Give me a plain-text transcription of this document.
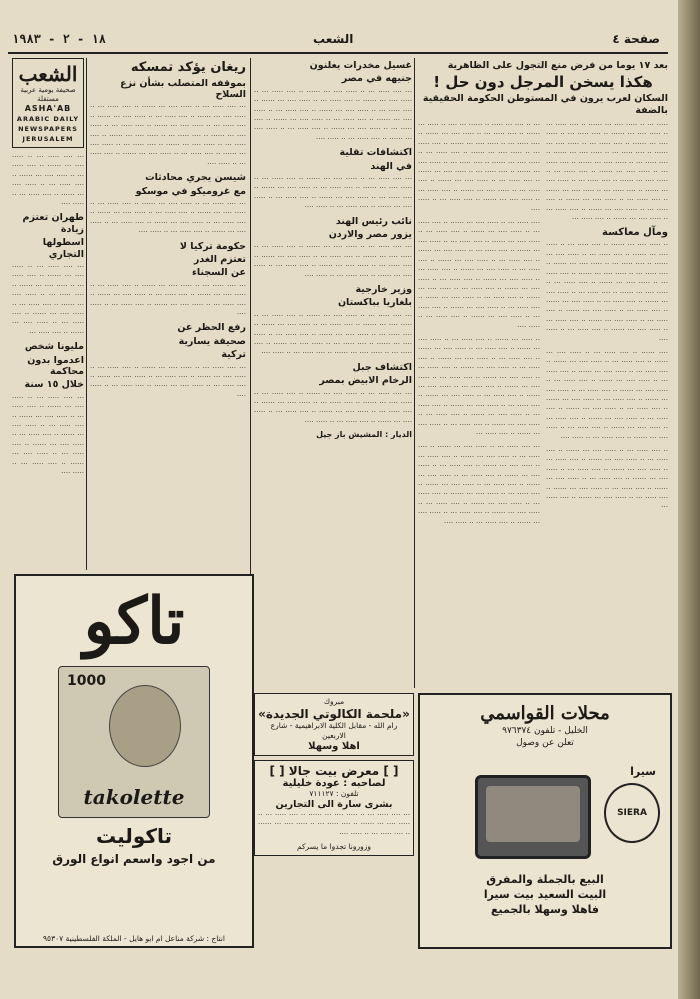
صفحة ٤
الشعب
١٨ - ٢ - ١٩٨٣
بعد ١٧ يوما من فرض منع التجول على الظاهرية
هكذا يسخن المرجل دون حل !
السكان لعرب يرون في المستوطن الحكومة الحقيقية بالضفة

··· ·· ···· ··· ····· ·· ······ ··· ···· ·· ····· ··· ······ ·· ···· ····· ··· ·· ····· ···· ··· ······ ·· ···· ····· ··· ·· ····· ···· ··· ······ ·· ···· ····· ··· ·· ····· ···· ··· ······ ·· ···· ····· ··· ·· ····· ···· ··· ······ ·· ···· ····· ··· ·· ····· ···· ··· ······ ·· ···· ····· ··· ·· ····· ···· ··· ······ ·· ···· ····· ··· ·· ····· ···· ··· ······ ·· ···· ····· ··· ·· ····· ···· ··· ······ ·· ···· ····· ··· ·· ····· ···· ··· ······ ·· ···· ····· ··· ·· ····· ····

···· ····· ··· ·· ····· ···· ··· ······ ·· ···· ····· ··· ·· ····· ···· ··· ······ ·· ···· ····· ··· ·· ····· ···· ··· ······ ·· ···· ····· ··· ·· ····· ···· ··· ······ ·· ···· ····· ··· ·· ····· ···· ··· ······ ·· ···· ····· ··· ·· ····· ···· ··· ······ ·· ···· ····· ··· ·· ····· ···· ··· ······ ·· ···· ····· ··· ·· ····· ···· ··· ······ ·· ···· ····· ··· ·· ····· ···· ··· ······ ·· ···· ····· ··· ·· ····· ···· ··· ······ ·· ···· ····· ··· ·· ····· ···· ··· ······ ·· ···· ····· ··· ·· ····· ···· ··· ······ ·· ···· ····· ··· ·· ····· ···· ··· ······ ·· ···· ····· ··· ·· ····· ····

·· ····· ··· ······ ·· ···· ····· ··· ·· ····· ···· ··· ······ ·· ···· ····· ··· ·· ····· ···· ··· ······ ·· ···· ····· ··· ·· ····· ···· ··· ······ ·· ···· ····· ··· ·· ····· ···· ··· ······ ·· ···· ····· ··· ·· ····· ···· ··· ······ ·· ···· ····· ··· ·· ····· ···· ··· ······ ·· ···· ····· ··· ·· ····· ···· ··· ······ ·· ···· ····· ··· ·· ····· ···· ··· ······ ·· ···· ····· ··· ·· ····· ···· ··· ······ ·· ···· ····· ··· ·· ····· ···· ··· ······ ·· ···· ····· ··· ·· ····· ···· ··· ······ ·· ···· ····· ··· ·· ····· ···· ··· ······ ·· ···· ····· ···

··· ···· ····· ··· ·· ····· ···· ··· ······ ·· ···· ····· ··· ·· ····· ···· ··· ······ ·· ···· ····· ··· ·· ····· ···· ··· ······ ·· ···· ····· ··· ·· ····· ···· ··· ······ ·· ···· ····· ··· ·· ····· ···· ··· ······ ·· ···· ····· ··· ·· ····· ···· ··· ······ ·· ···· ····· ··· ·· ····· ···· ··· ······ ·· ···· ····· ··· ·· ····· ···· ··· ······ ·· ···· ····· ··· ·· ····· ···· ··· ······ ·· ···· ····· ··· ·· ····· ···· ··· ······ ·· ···· ····· ··· ·· ····· ····

····· ··· ·· ····· ···· ··· ······ ·· ···· ····· ··· ·· ····· ···· ··· ······ ·· ···· ····· ··· ·· ····· ···· ··· ······ ·· ···· ····· ··· ·· ····· ···· ··· ······ ·· ···· ····· ··· ·· ····· ···· ··· ······ ·· ···· ····· ··· ·· ····· ···· ··· ······ ·· ···· ····· ··· ·· ····· ···· ··· ······ ·· ···· ····· ··· ·· ····· ···· ··· ······ ·· ···· ····· ··· ·· ····· ···· ··· ······ ·· ···· ····· ··· ·· ····· ···· ··· ······ ·· ···· ····· ··· ·· ····· ···· ··· ······ ·· ···· ····· ··· ·· ····· ···· ··· ······ ·· ···· ····· ··· ·· ····· ···· ··· ······ ·· ···· ····· ···

ومآل معاكسة

·· ····· ···· ··· ······ ·· ···· ····· ··· ·· ····· ···· ··· ······ ·· ···· ····· ··· ·· ····· ···· ··· ······ ·· ···· ····· ··· ·· ····· ···· ··· ······ ·· ···· ····· ··· ·· ····· ···· ··· ······ ·· ···· ····· ··· ·· ····· ···· ··· ······ ·· ···· ····· ··· ·· ····· ···· ··· ······ ·· ···· ····· ··· ·· ····· ···· ··· ······ ·· ···· ····· ··· ·· ····· ···· ··· ······ ·· ···· ····· ··· ·· ····· ···· ··· ······ ·· ···· ····· ··· ·· ····· ···· ··· ······ ·· ···· ····· ··· ·· ····· ···· ··· ······ ·· ···· ····· ··· ·· ····· ····

···· ······ ·· ···· ····· ··· ·· ····· ···· ··· ······ ·· ···· ····· ··· ·· ····· ···· ··· ······ ·· ···· ····· ··· ·· ····· ···· ··· ······ ·· ···· ····· ··· ·· ····· ···· ··· ······ ·· ···· ····· ··· ·· ····· ···· ··· ······ ·· ···· ····· ··· ·· ····· ···· ··· ······ ·· ···· ····· ··· ·· ····· ···· ··· ······ ·· ···· ····· ··· ·· ····· ···· ··· ······ ·· ···· ····· ··· ·· ····· ···· ··· ······ ·· ···· ····· ··· ·· ····· ···· ··· ······ ·· ···· ····· ··· ·· ····· ···· ··· ······ ·· ···· ····· ··· ·· ····· ····

·· ···· ····· ··· ·· ····· ···· ··· ······ ·· ···· ····· ··· ·· ····· ···· ··· ······ ·· ···· ····· ··· ·· ····· ···· ··· ······ ·· ···· ····· ··· ·· ····· ···· ··· ······ ·· ···· ····· ··· ·· ····· ···· ··· ······ ·· ···· ····· ··· ·· ····· ···· ··· ······ ·· ···· ····· ··· ·· ····· ···· ··· ······ ·· ···· ····· ···

غسيل مخدرات يعلنون
جنيهه في مصر

··· ···· ····· ··· ·· ····· ···· ··· ······ ·· ···· ····· ··· ·· ····· ···· ··· ······ ·· ···· ····· ··· ·· ····· ···· ··· ······ ·· ···· ····· ··· ·· ····· ···· ··· ······ ·· ···· ····· ··· ·· ····· ···· ··· ······ ·· ···· ····· ··· ·· ····· ···· ··· ······ ·· ···· ····· ··· ·· ····· ···· ··· ······ ·· ···· ····· ··· ·· ····· ···· ··· ······ ·· ···· ····· ··· ·· ····· ····

اكتشافات تقلية
في الهند

··· ···· ····· ··· ·· ····· ···· ··· ······ ·· ···· ····· ··· ·· ····· ···· ··· ······ ·· ···· ····· ··· ·· ····· ···· ··· ······ ·· ···· ····· ··· ·· ····· ···· ··· ······ ·· ···· ····· ··· ·· ····· ···· ··· ······ ·· ···· ····· ··· ·· ····· ····

نائب رئيس الهند
يزور مصر والاردن

··· ···· ····· ··· ·· ····· ···· ··· ······ ·· ···· ····· ··· ·· ····· ···· ··· ······ ·· ···· ····· ··· ·· ····· ···· ··· ······ ·· ···· ····· ··· ·· ····· ···· ··· ······ ·· ···· ····· ··· ·· ····· ···· ··· ······ ·· ···· ····· ··· ·· ····· ····

وزير خارجية
بلغاريا بباكستان

··· ···· ····· ··· ·· ····· ···· ··· ······ ·· ···· ····· ··· ·· ····· ···· ··· ······ ·· ···· ····· ··· ·· ····· ···· ··· ······ ·· ···· ····· ··· ·· ····· ···· ··· ······ ·· ···· ····· ··· ·· ····· ···· ··· ······ ·· ···· ····· ··· ·· ····· ···· ··· ······ ·· ···· ····· ··· ·· ····· ···· ··· ······ ·· ···· ····· ··· ·· ····· ····

اكتشاف جبل
الرخام الابيض بمصر

··· ···· ····· ··· ·· ····· ···· ··· ······ ·· ···· ····· ··· ·· ····· ···· ··· ······ ·· ···· ····· ··· ·· ····· ···· ··· ······ ·· ···· ····· ··· ·· ····· ···· ··· ······ ·· ···· ····· ··· ·· ····· ···· ··· ······ ·· ···· ····· ··· ·· ····· ····

الديار : المشيش باز جيل
ريغان يؤكد تمسكه
بموقفه المتصلب بشأن نزع السلاح

··· ···· ····· ··· ·· ····· ···· ··· ······ ·· ···· ····· ··· ·· ····· ···· ··· ······ ·· ···· ····· ··· ·· ····· ···· ··· ······ ·· ···· ····· ··· ·· ····· ···· ··· ······ ·· ···· ····· ··· ·· ····· ···· ··· ······ ·· ···· ····· ··· ·· ····· ···· ··· ······ ·· ···· ····· ··· ·· ····· ···· ··· ······ ·· ···· ····· ··· ·· ····· ···· ··· ······ ·· ···· ····· ··· ·· ····· ···· ··· ······ ·· ···· ····· ··· ·· ····· ····

شيسن يجري محادثات
مع غروميكو في موسكو

··· ···· ····· ··· ·· ····· ···· ··· ······ ·· ···· ····· ··· ·· ····· ···· ··· ······ ·· ···· ····· ··· ·· ····· ···· ··· ······ ·· ···· ····· ··· ·· ····· ···· ··· ······ ·· ···· ····· ··· ·· ····· ···· ··· ······ ·· ···· ····· ··· ·· ····· ····

حكومة تركيا لا
تعتزم الغدر
عن السجناء

··· ···· ····· ··· ·· ····· ···· ··· ······ ·· ···· ····· ··· ·· ····· ···· ··· ······ ·· ···· ····· ··· ·· ····· ···· ··· ······ ·· ···· ····· ··· ·· ····· ···· ··· ······ ·· ···· ····· ··· ·· ····· ····

رفع الحظر عن
صحيفة يسارية
تركية

··· ···· ····· ··· ·· ····· ···· ··· ······ ·· ···· ····· ··· ·· ····· ···· ··· ······ ·· ···· ····· ··· ·· ····· ···· ··· ······ ·· ···· ····· ··· ·· ····· ···· ··· ······ ·· ···· ····· ··· ·· ····· ····

الشعب
صحيفة يومية عربية مستقلة
ASHA'AB
ARABIC DAILY
NEWSPAPERS
JERUSALEM

··· ···· ····· ··· ·· ····· ···· ··· ······ ·· ···· ····· ··· ·· ····· ···· ··· ······ ·· ···· ····· ··· ·· ····· ···· ··· ······ ·· ···· ····· ··· ·· ····· ····

طهران تعتزم زيادة
اسطولها التجاري

··· ···· ····· ··· ·· ····· ···· ··· ······ ·· ···· ····· ··· ·· ····· ···· ··· ······ ·· ···· ····· ··· ·· ····· ···· ··· ······ ·· ···· ····· ··· ·· ····· ···· ··· ······ ·· ···· ····· ··· ·· ····· ···· ··· ······ ·· ···· ····· ···

مليونا شخص
اعدموا بدون محاكمة
خلال ١٥ سنة

··· ···· ····· ··· ·· ····· ···· ··· ······ ·· ···· ····· ··· ·· ····· ···· ··· ······ ·· ···· ····· ··· ·· ····· ···· ··· ······ ·· ···· ····· ··· ·· ····· ···· ··· ······ ·· ···· ····· ··· ·· ····· ···· ··· ······ ·· ···· ····· ··· ·· ····· ····

تاكو
1000
takolette
تاكوليت
من اجود واسعم انواع الورق
انتاج : شركة مناعل ام ابو هايل - الملكة الفلسطينية ٩٥٣٠٧
مبروك
«ملحمة الكالوتي الجديدة»
رام الله - مقابل الكلية الابراهيمية - شارع الاربعين
اهلا وسهلا
[ ] معرض بيت جالا [ ]
لصاحبه : عودة خليلية
تلفون : ٧١١١٢٧
بشرى سارة الى التجارين

··· ···· ····· ··· ·· ····· ···· ··· ······ ·· ···· ····· ··· ·· ····· ···· ··· ······ ·· ···· ····· ··· ·· ····· ···· ··· ······ ·· ···· ····· ··· ·· ····· ····

وزورونا تجدوا ما يسركم
محلات القواسمي
الخليل - تلفون ٩٧٦٣٧٤
تعلن عن وصول
سيرا
SIERA
البيع بالجملة والمفرق
البيت السعيد بيت سيرا
فاهلا وسهلا بالجميع
